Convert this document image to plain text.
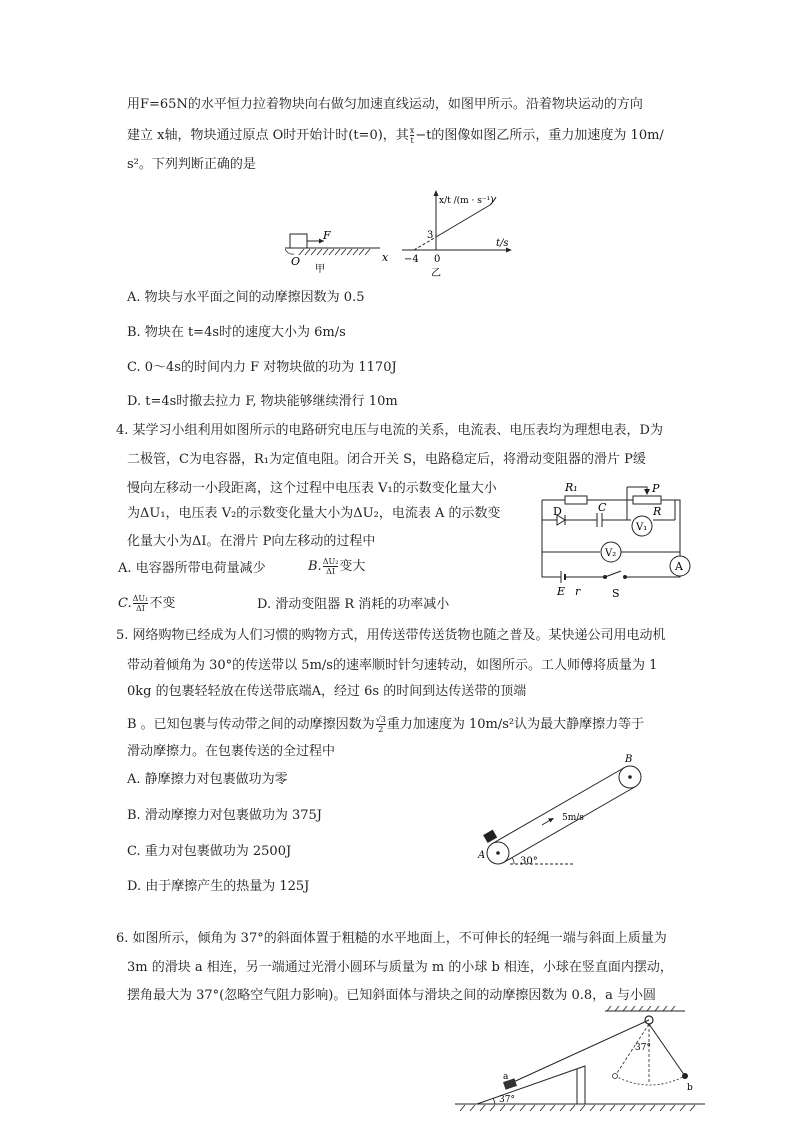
用F=65N的水平恒力拉着物块向右做匀加速直线运动，如图甲所示。沿着物块运动的方向
建立 x轴，物块通过原点 O时开始计时(t=0)，其 $\frac{x}{t} -t$的图像如图乙所示，重力加速度为 10m/
s²。下列判断正确的是
F
O	x
甲
x/t /(m · s⁻¹)
t/s
3
−4 0
乙
A. 物块与水平面之间的动摩擦因数为 0.5
B. 物块在 t=4s时的速度大小为 6m/s
C. 0～4s的时间内力 F 对物块做的功为 1170J
D. t=4s时撤去拉力 F, 物块能够继续滑行 10m
4. 某学习小组利用如图所示的电路研究电压与电流的关系，电流表、电压表均为理想电表，D为
二极管，C为电容器，R₁为定值电阻。闭合开关 S，电路稳定后，将滑动变阻器的滑片 P缓
慢向左移动一小段距离，这个过程中电压表 V₁的示数变化量大小
为ΔU₁，电压表 V₂的示数变化量大小为ΔU₂，电流表 A 的示数变
化量大小为ΔI。在滑片 P向左移动的过程中
A. 电容器所带电荷量减少	B. $\frac{\text{ΔU₂}}{\Delta I}$ 变大
C. $\frac{\text{ΔU₁}}{\Delta I}$ 不变	D. 滑动变阻器 R 消耗的功率减小
R₁	P
R
D	C
V₁
V₂
A
E r	S
5. 网络购物已经成为人们习惯的购物方式，用传送带传送货物也随之普及。某快递公司用电动机
带动着倾角为 30°的传送带以 5m/s的速率顺时针匀速转动，如图所示。工人师傅将质量为 1
0kg 的包裹轻轻放在传送带底端A，经过 6s 的时间到达传送带的顶端
B 。已知包裹与传动带之间的动摩擦因数为 $\frac{√3}{2}$ 重力加速度为 10m/s²认为最大静摩擦力等于
滑动摩擦力。在包裹传送的全过程中
A. 静摩擦力对包裹做功为零
B. 滑动摩擦力对包裹做功为 375J
C. 重力对包裹做功为 2500J
D. 由于摩擦产生的热量为 125J
A
B
5m/s
30°
6. 如图所示，倾角为 37°的斜面体置于粗糙的水平地面上，不可伸长的轻绳一端与斜面上质量为
3m 的滑块 a 相连，另一端通过光滑小圆环与质量为 m 的小球 b 相连，小球在竖直面内摆动，
摆角最大为 37°(忽略空气阻力影响)。已知斜面体与滑块之间的动摩擦因数为 0.8，a 与小圆
a
b
37°
37°
